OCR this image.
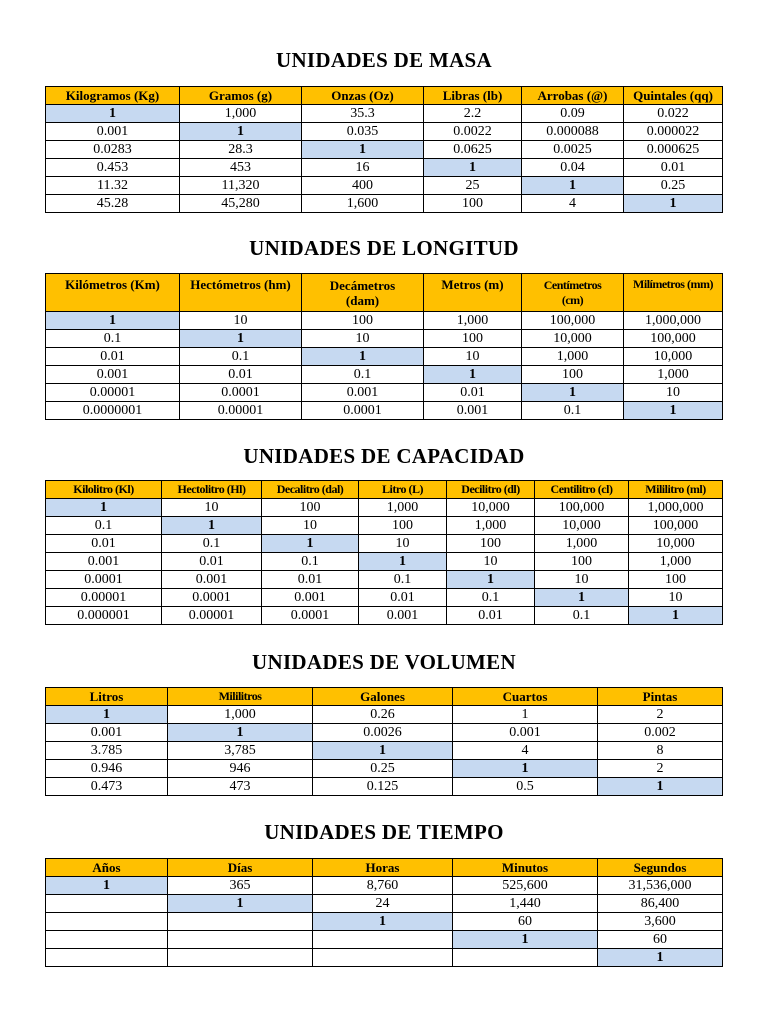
UNIDADES DE MASA
Kilogramos (Kg)	Gramos (g)	Onzas (Oz)	Libras (lb)	Arrobas (@)	Quintales (qq)
1	1,000	35.3	2.2	0.09	0.022
0.001	1	0.035	0.0022	0.000088	0.000022
0.0283	28.3	1	0.0625	0.0025	0.000625
0.453	453	16	1	0.04	0.01
11.32	11,320	400	25	1	0.25
45.28	45,280	1,600	100	4	1
UNIDADES DE LONGITUD
Kilómetros (Km)	Hectómetros (hm)	Decámetros (dam)	Metros (m)	Centímetros (cm)	Milímetros (mm)
1	10	100	1,000	100,000	1,000,000
0.1	1	10	100	10,000	100,000
0.01	0.1	1	10	1,000	10,000
0.001	0.01	0.1	1	100	1,000
0.00001	0.0001	0.001	0.01	1	10
0.0000001	0.00001	0.0001	0.001	0.1	1
UNIDADES DE CAPACIDAD
Kilolitro (Kl)	Hectolitro (Hl)	Decalitro (dal)	Litro (L)	Decilitro (dl)	Centilitro (cl)	Mililitro (ml)
1	10	100	1,000	10,000	100,000	1,000,000
0.1	1	10	100	1,000	10,000	100,000
0.01	0.1	1	10	100	1,000	10,000
0.001	0.01	0.1	1	10	100	1,000
0.0001	0.001	0.01	0.1	1	10	100
0.00001	0.0001	0.001	0.01	0.1	1	10
0.000001	0.00001	0.0001	0.001	0.01	0.1	1
UNIDADES DE VOLUMEN
Litros	Mililitros	Galones	Cuartos	Pintas
1	1,000	0.26	1	2
0.001	1	0.0026	0.001	0.002
3.785	3,785	1	4	8
0.946	946	0.25	1	2
0.473	473	0.125	0.5	1
UNIDADES DE TIEMPO
Años	Días	Horas	Minutos	Segundos
1	365	8,760	525,600	31,536,000
	1	24	1,440	86,400
		1	60	3,600
			1	60
				1
